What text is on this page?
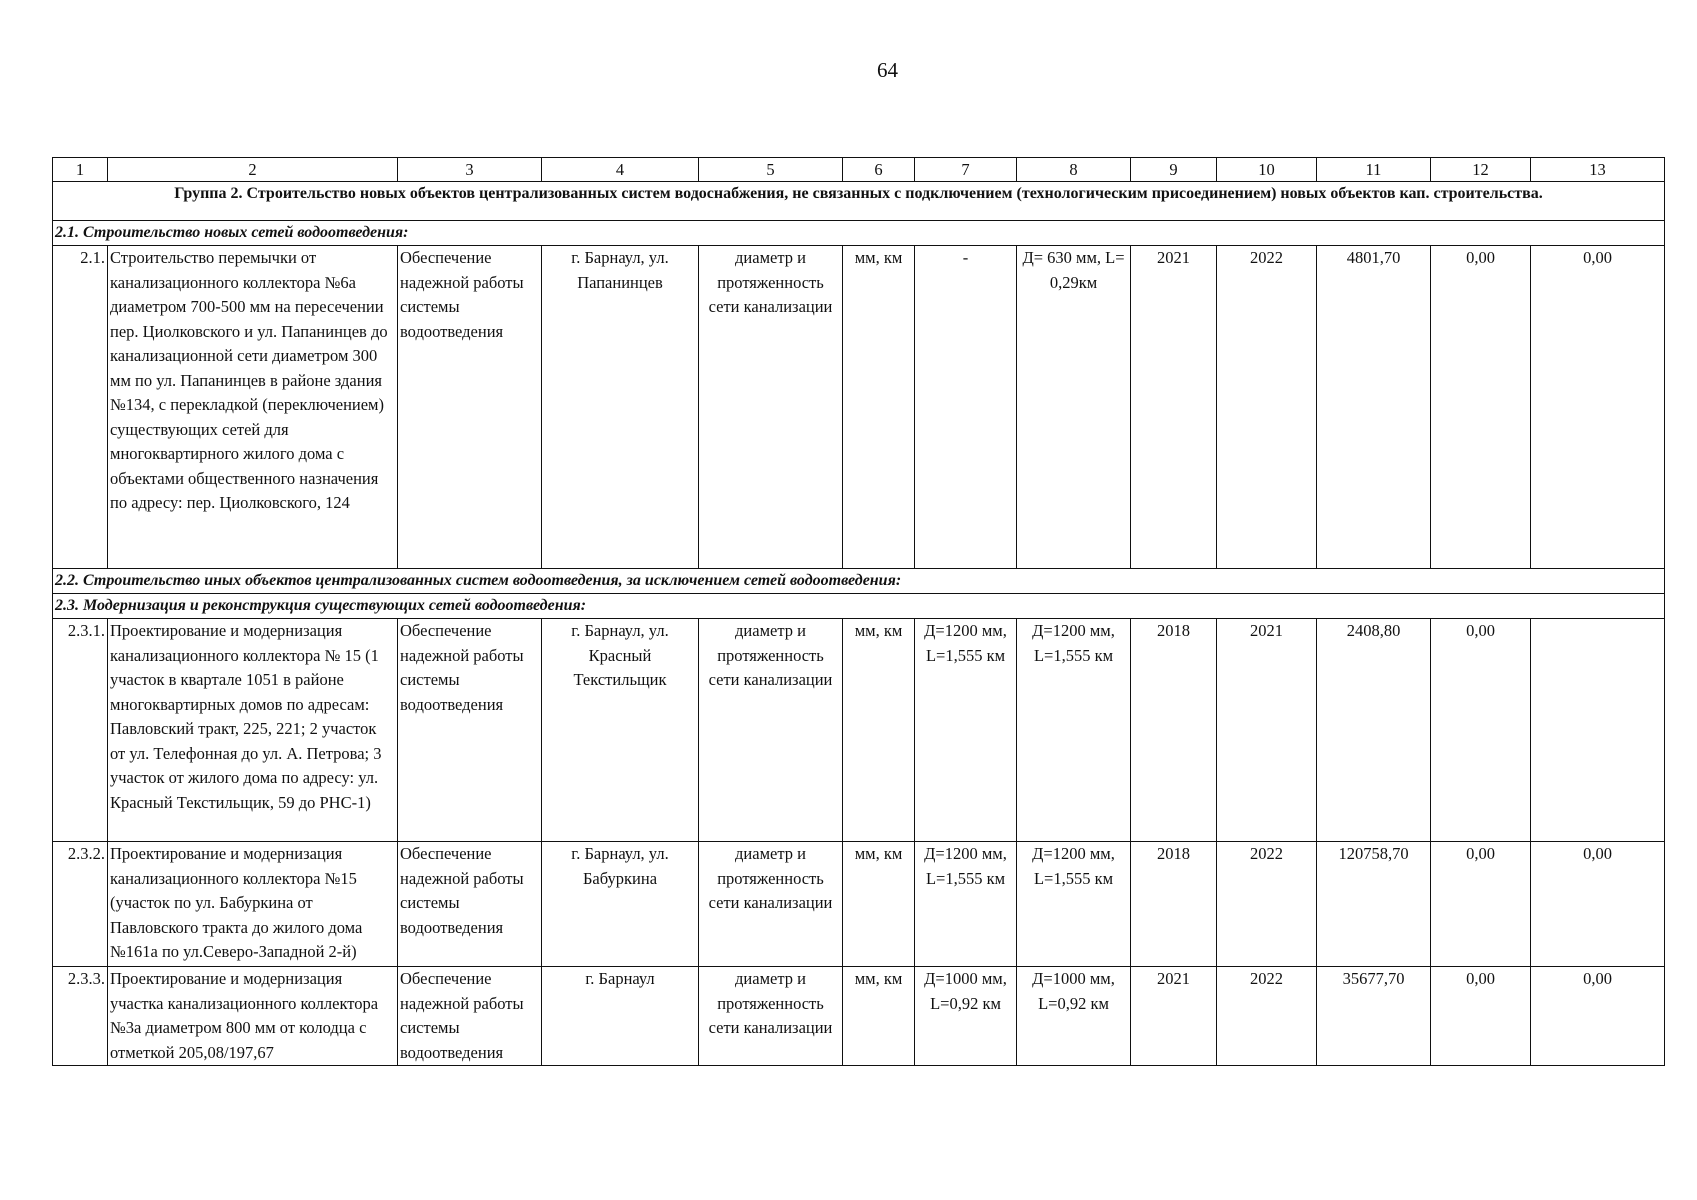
64
1	2	3	4	5	6	7	8	9	10	11	12	13
Группа 2. Строительство новых объектов централизованных систем водоснабжения, не связанных с подключением (технологическим присоединением) новых объектов кап. строительства.												
2.1. Строительство новых сетей водоотведения:												
2.1.	Строительство перемычки от канализационного коллектора №6а диаметром 700-500 мм на пересечении пер. Циолковского и ул. Папанинцев до канализационной сети диаметром 300 мм по ул. Папанинцев в районе здания №134, с перекладкой (переключением) существующих сетей для многоквартирного жилого дома с объектами общественного назначения по адресу: пер. Циолковского, 124	Обеспечение надежной работы системы водоотведения	г. Барнаул, ул. Папанинцев	диаметр и протяженность сети канализации	мм, км	-	Д= 630 мм, L= 0,29км	2021	2022	4801,70	0,00	0,00
2.2. Строительство иных объектов централизованных систем водоотведения, за исключением сетей водоотведения:												
2.3. Модернизация и реконструкция существующих сетей водоотведения:												
2.3.1.	Проектирование и модернизация канализационного коллектора № 15 (1 участок в квартале 1051 в районе многоквартирных домов по адресам: Павловский тракт, 225, 221; 2 участок от ул. Телефонная до ул. А. Петрова; 3 участок от жилого дома по адресу: ул. Красный Текстильщик, 59 до РНС-1)	Обеспечение надежной работы системы водоотведения	г. Барнаул, ул. Красный Текстильщик	диаметр и протяженность сети канализации	мм, км	Д=1200 мм, L=1,555 км	Д=1200 мм, L=1,555 км	2018	2021	2408,80	0,00	
2.3.2.	Проектирование и модернизация канализационного коллектора №15 (участок по ул. Бабуркина от Павловского тракта до жилого дома №161а по ул.Северо-Западной 2-й)	Обеспечение надежной работы системы водоотведения	г. Барнаул, ул. Бабуркина	диаметр и протяженность сети канализации	мм, км	Д=1200 мм, L=1,555 км	Д=1200 мм, L=1,555 км	2018	2022	120758,70	0,00	0,00
2.3.3.	Проектирование и модернизация участка канализационного коллектора №3а диаметром 800 мм от колодца с отметкой 205,08/197,67	Обеспечение надежной работы системы водоотведения	г. Барнаул	диаметр и протяженность сети канализации	мм, км	Д=1000 мм, L=0,92 км	Д=1000 мм, L=0,92 км	2021	2022	35677,70	0,00	0,00
